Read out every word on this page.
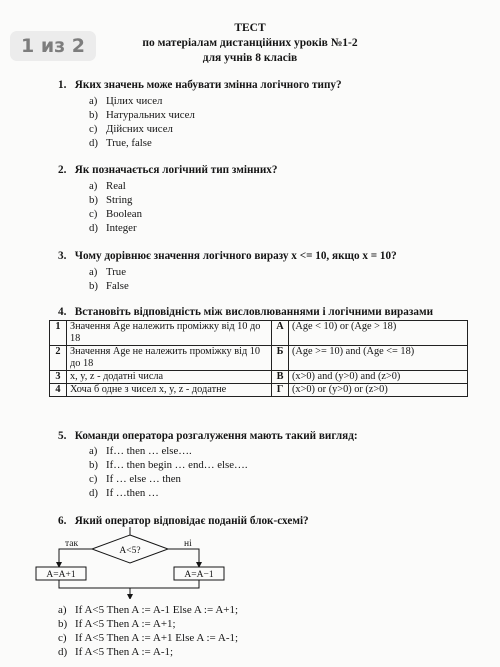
1 из 2
ТЕСТ
по матеріалам дистанційних уроків №1-2
для учнів 8 класів
1. Яких значень може набувати змінна логічного типу?
a) Цілих чисел
b) Натуральних чисел
c) Дійсних чисел
d) True, false
2. Як позначається логічний тип змінних?
a) Real
b) String
c) Boolean
d) Integer
3. Чому дорівнює значення логічного виразу x <= 10, якщо x = 10?
a) True
b) False
4. Встановіть відповідність між висловлюваннями і логічними виразами
1	Значення Age належить проміжку від 10 до 18	А	(Age < 10) or (Age > 18)
2	Значення Age не належить проміжку від 10 до 18	Б	(Age >= 10) and (Age <= 18)
3	x, y, z - додатні числа	В	(x>0) and (y>0) and (z>0)
4	Хоча б одне з чисел x, y, z - додатне	Г	(x>0) or (y>0) or (z>0)
5. Команди оператора розгалуження мають такий вигляд:
a) If… then … else….
b) If… then begin … end… else….
c) If … else … then
d) If …then …
6. Який оператор відповідає поданій блок-схемі?
A<5?
так	ні
A=A+1	A=A−1
a) If A<5 Then A := A-1 Else A := A+1;
b) If A<5 Then A := A+1;
c) If A<5 Then A := A+1 Else A := A-1;
d) If A<5 Then A := A-1;
